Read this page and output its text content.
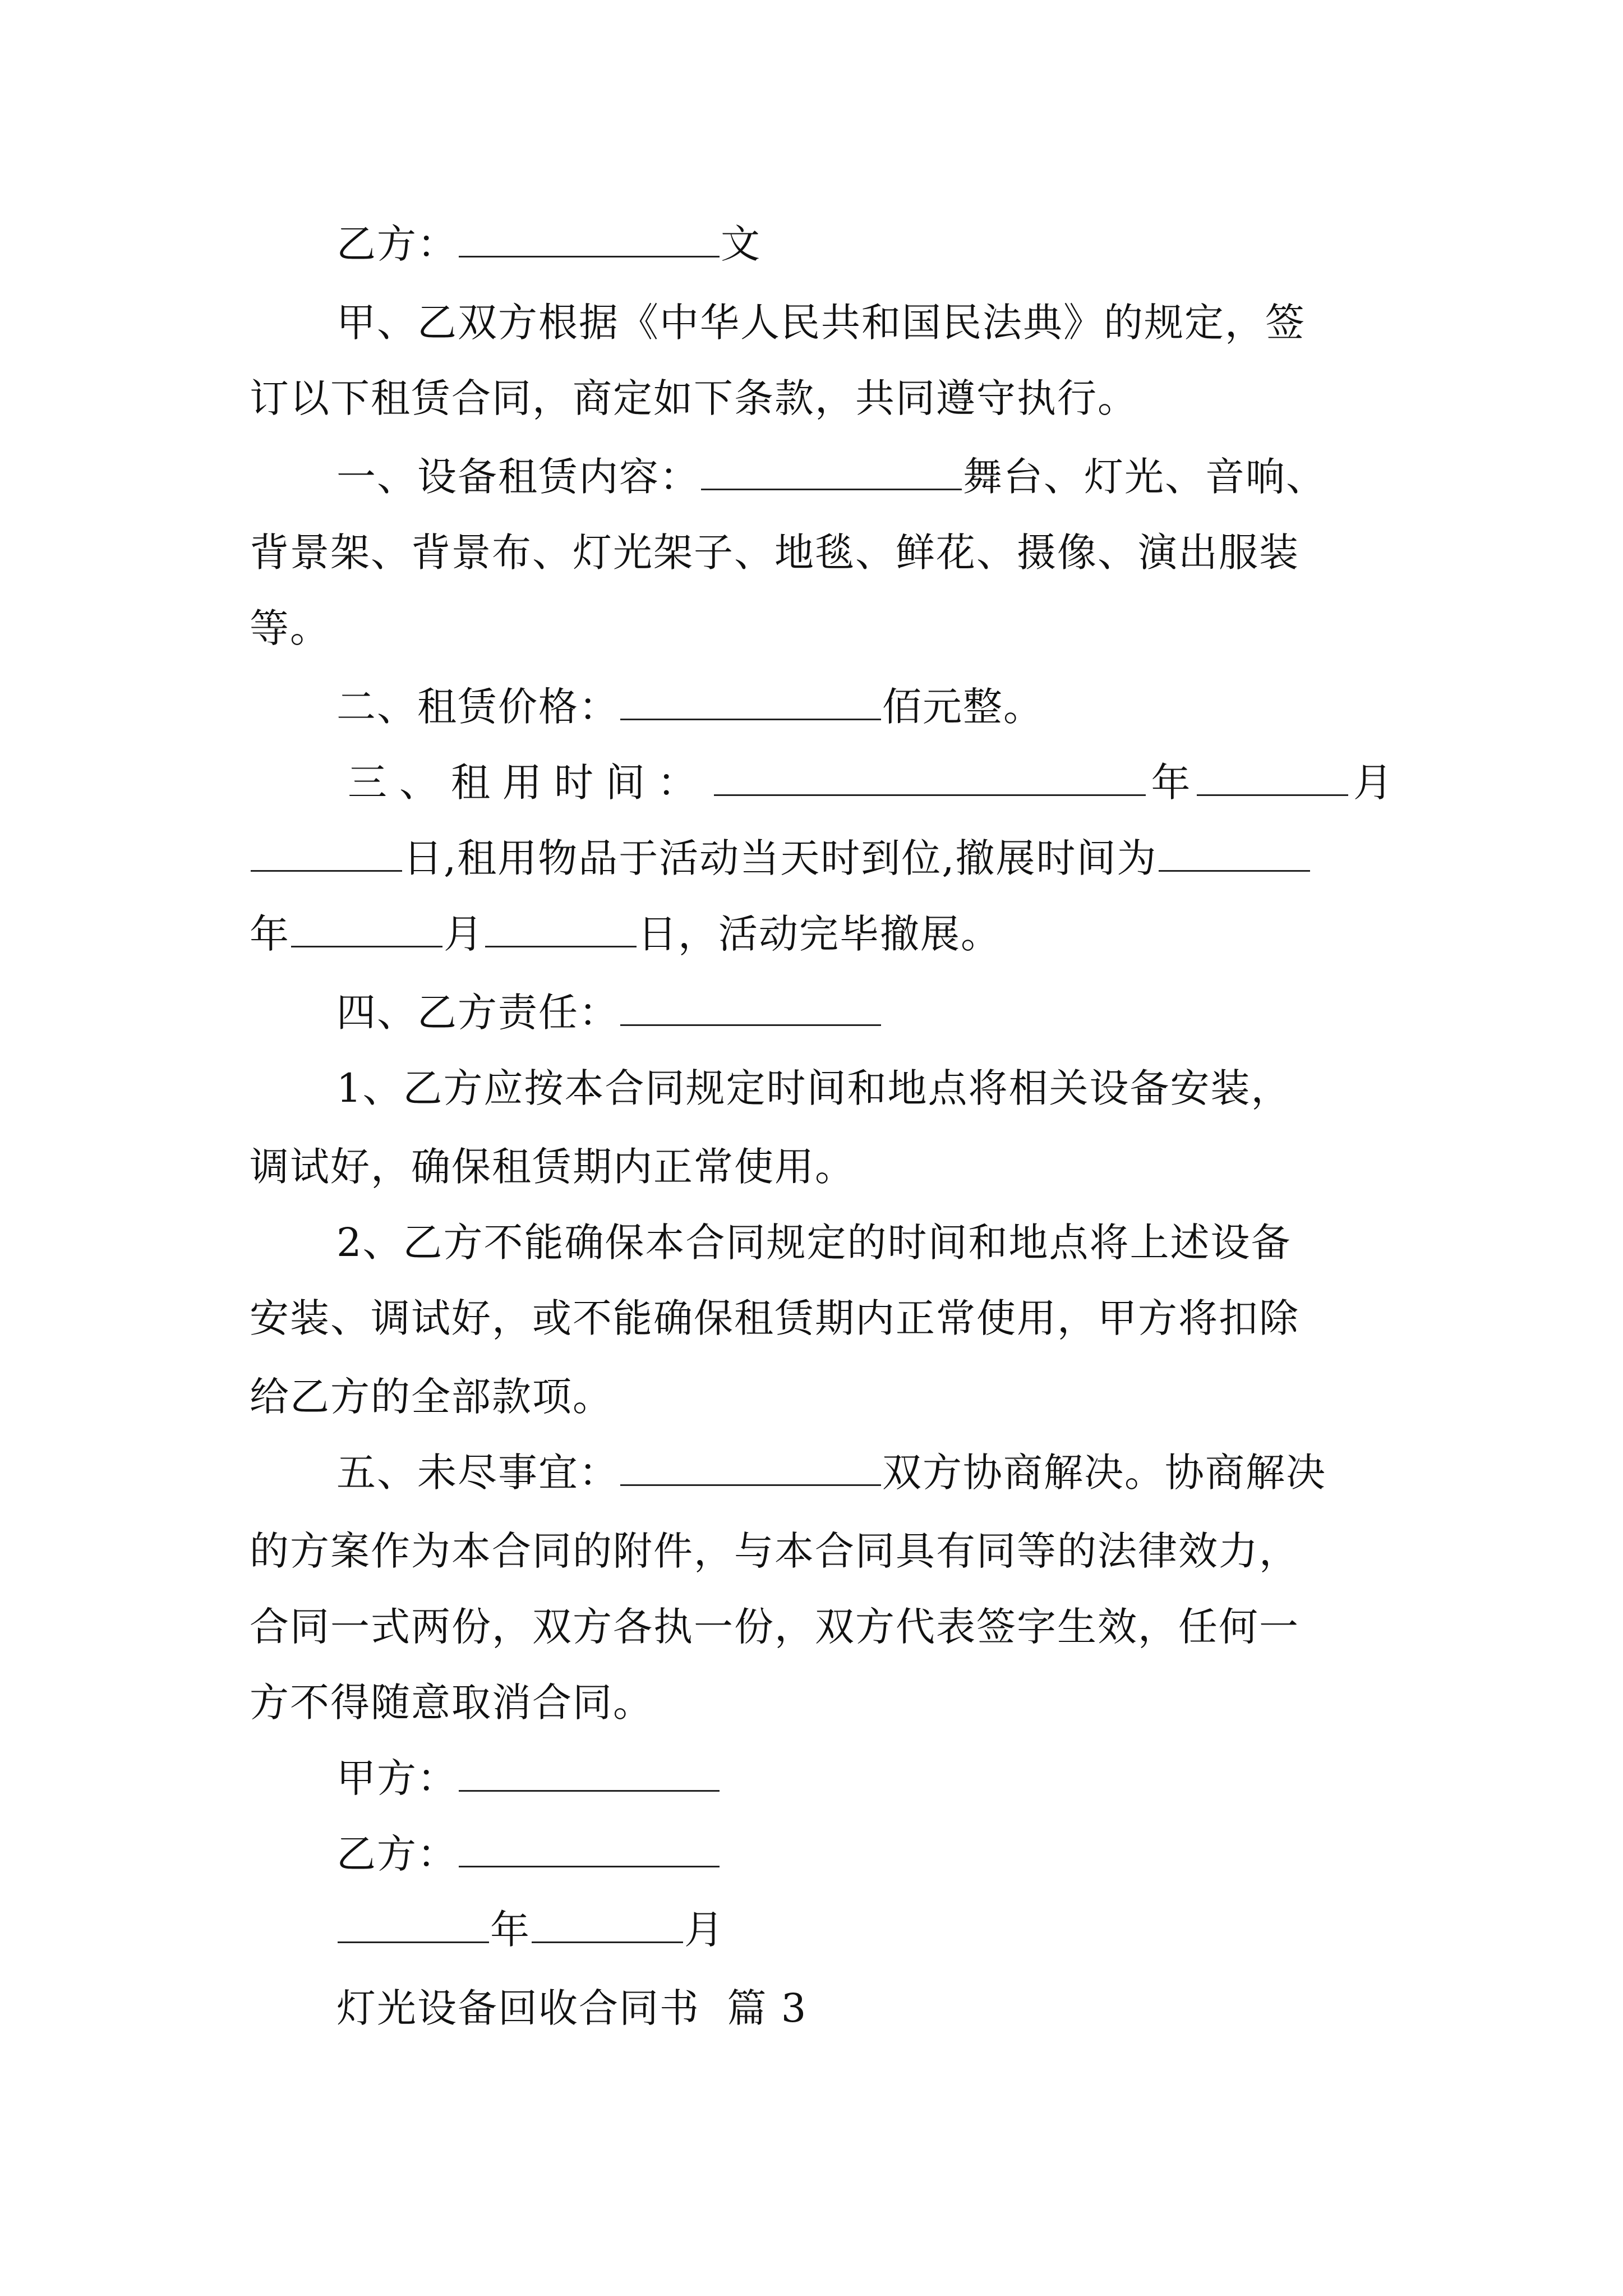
乙方：	文
甲、乙双方根据《中华人民共和国民法典》的规定，签
订以下租赁合同，商定如下条款，共同遵守执行。
一、设备租赁内容：	舞台、灯光、音响、
背景架、背景布、灯光架子、地毯、鲜花、摄像、演出服装
等。
二、租赁价格：	佰元整。
三、租用时间：	年	月
日,租用物品于活动当天时到位,撤展时间为
年	月	日，活动完毕撤展。
四、乙方责任：
1、乙方应按本合同规定时间和地点将相关设备安装，
调试好，确保租赁期内正常使用。
2、乙方不能确保本合同规定的时间和地点将上述设备
安装、调试好，或不能确保租赁期内正常使用，甲方将扣除
给乙方的全部款项。
五、未尽事宜：	双方协商解决。协商解决
的方案作为本合同的附件，与本合同具有同等的法律效力，
合同一式两份，双方各执一份，双方代表签字生效，任何一
方不得随意取消合同。
甲方：
乙方：
年	月
灯光设备回收合同书  篇 3
